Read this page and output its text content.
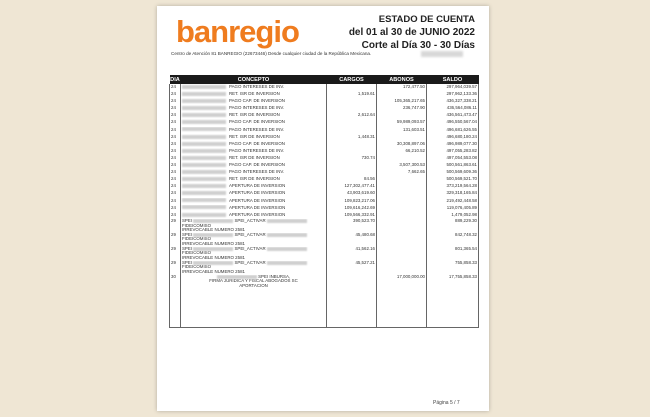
banregio	ESTADO DE CUENTA
del 01 al 30 de JUNIO 2022
Corte al Día 30 - 30 Días
Centro de Atención 81 BANREGIO (22673446) Desde cualquier ciudad de la República Mexicana.
DIA	CONCEPTO	CARGOS	ABONOS	SALDO
24	PAGO INTERESES DE INV.		172,477.50	297,964,039.57
24	RET. ISR DE INVERSION	1,519.61		297,962,133.36
24	PAGO CAP. DE INVERSION		105,365,217.65	436,327,338.21
24	PAGO INTERESES DE INV.		236,747.90	436,564,086.11
24	RET. ISR DE INVERSION	2,612.64		436,561,473.47
24	PAGO CAP. DE INVERSION		59,989,093.57	496,550,567.04
24	PAGO INTERESES DE INV.		131,603.51	496,681,626.55
24	RET. ISR DE INVERSION	1,448.31		496,680,180.24
24	PAGO CAP. DE INVERSION		30,308,897.06	496,989,077.30
24	PAGO INTERESES DE INV.		66,210.52	497,055,283.82
24	RET. ISR DE INVERSION	730.74		497,054,553.08
24	PAGO CAP. DE INVERSION		3,507,300.53	500,561,863.61
24	PAGO INTERESES DE INV.		7,662.65	500,569,609.36
24	RET. ISR DE INVERSION	84.56		500,569,521.70
24	APERTURA DE INVERSION	127,302,477.41		373,219,564.28
24	APERTURA DE INVERSION	43,903,619.60		329,318,165.84
24	APERTURA DE INVERSION	109,823,217.06		219,492,448.58
24	APERTURA DE INVERSION	109,616,242.69		119,076,405.89
24	APERTURA DE INVERSION	109,566,332.91		1,479,052.98
29	SPEI SPEI_ACTIVAR  FIDEICOMISO
IRREVOCABLE NUMERO 2581	390,523.70		889,229.30
29	SPEI SPEI_ACTIVAR  FIDEICOMISO
IRREVOCABLE NUMERO 2581	45,480.68		842,748.32
29	SPEI SPEI_ACTIVAR  FIDEICOMISO
IRREVOCABLE NUMERO 2581	41,562.16		801,365.54
29	SPEI SPEI_ACTIVAR  FIDEICOMISO
IRREVOCABLE NUMERO 2581	45,527.21		755,858.33
30	SPEI INBURSA,
FIRMA JURIDICA Y FISCAL ABOGADOS SC
APORTACION		17,000,000.00	17,755,858.33

Página 5 / 7
